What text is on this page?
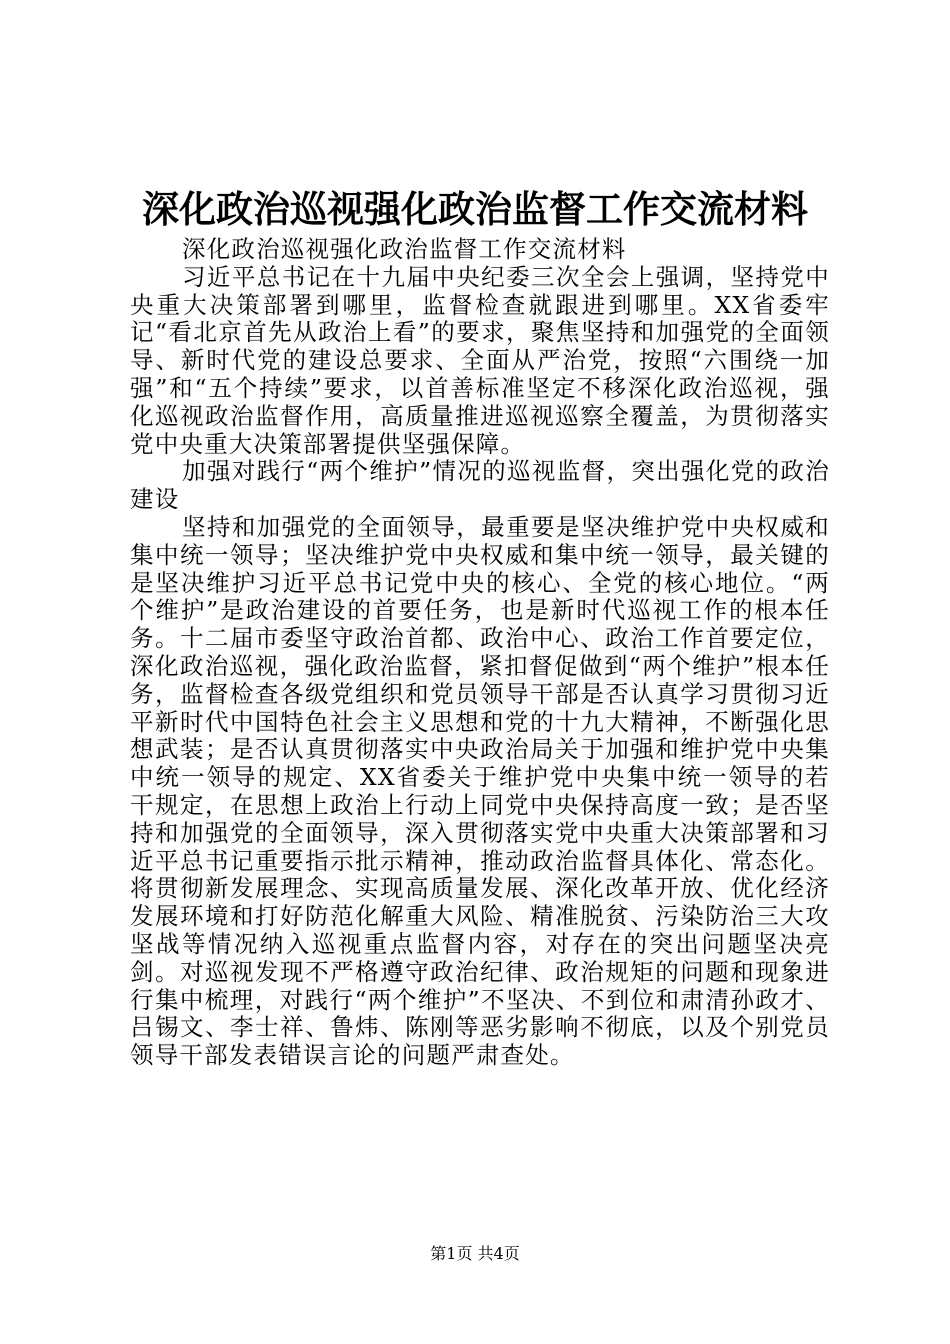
深化政治巡视强化政治监督工作交流材料

深化政治巡视强化政治监督工作交流材料

习近平总书记在十九届中央纪委三次全会上强调，坚持党中央重大决策部署到哪里，监督检查就跟进到哪里。XX省委牢记“看北京首先从政治上看”的要求，聚焦坚持和加强党的全面领导、新时代党的建设总要求、全面从严治党，按照“六围绕一加强”和“五个持续”要求，以首善标准坚定不移深化政治巡视，强化巡视政治监督作用，高质量推进巡视巡察全覆盖，为贯彻落实党中央重大决策部署提供坚强保障。

加强对践行“两个维护”情况的巡视监督，突出强化党的政治建设

坚持和加强党的全面领导，最重要是坚决维护党中央权威和集中统一领导；坚决维护党中央权威和集中统一领导，最关键的是坚决维护习近平总书记党中央的核心、全党的核心地位。“两个维护”是政治建设的首要任务，也是新时代巡视工作的根本任务。十二届市委坚守政治首都、政治中心、政治工作首要定位，深化政治巡视，强化政治监督，紧扣督促做到“两个维护”根本任务，监督检查各级党组织和党员领导干部是否认真学习贯彻习近平新时代中国特色社会主义思想和党的十九大精神，不断强化思想武装；是否认真贯彻落实中央政治局关于加强和维护党中央集中统一领导的规定、XX省委关于维护党中央集中统一领导的若干规定，在思想上政治上行动上同党中央保持高度一致；是否坚持和加强党的全面领导，深入贯彻落实党中央重大决策部署和习近平总书记重要指示批示精神，推动政治监督具体化、常态化。将贯彻新发展理念、实现高质量发展、深化改革开放、优化经济发展环境和打好防范化解重大风险、精准脱贫、污染防治三大攻坚战等情况纳入巡视重点监督内容，对存在的突出问题坚决亮剑。对巡视发现不严格遵守政治纪律、政治规矩的问题和现象进行集中梳理，对践行“两个维护”不坚决、不到位和肃清孙政才、吕锡文、李士祥、鲁炜、陈刚等恶劣影响不彻底，以及个别党员领导干部发表错误言论的问题严肃查处。

第1页 共4页
